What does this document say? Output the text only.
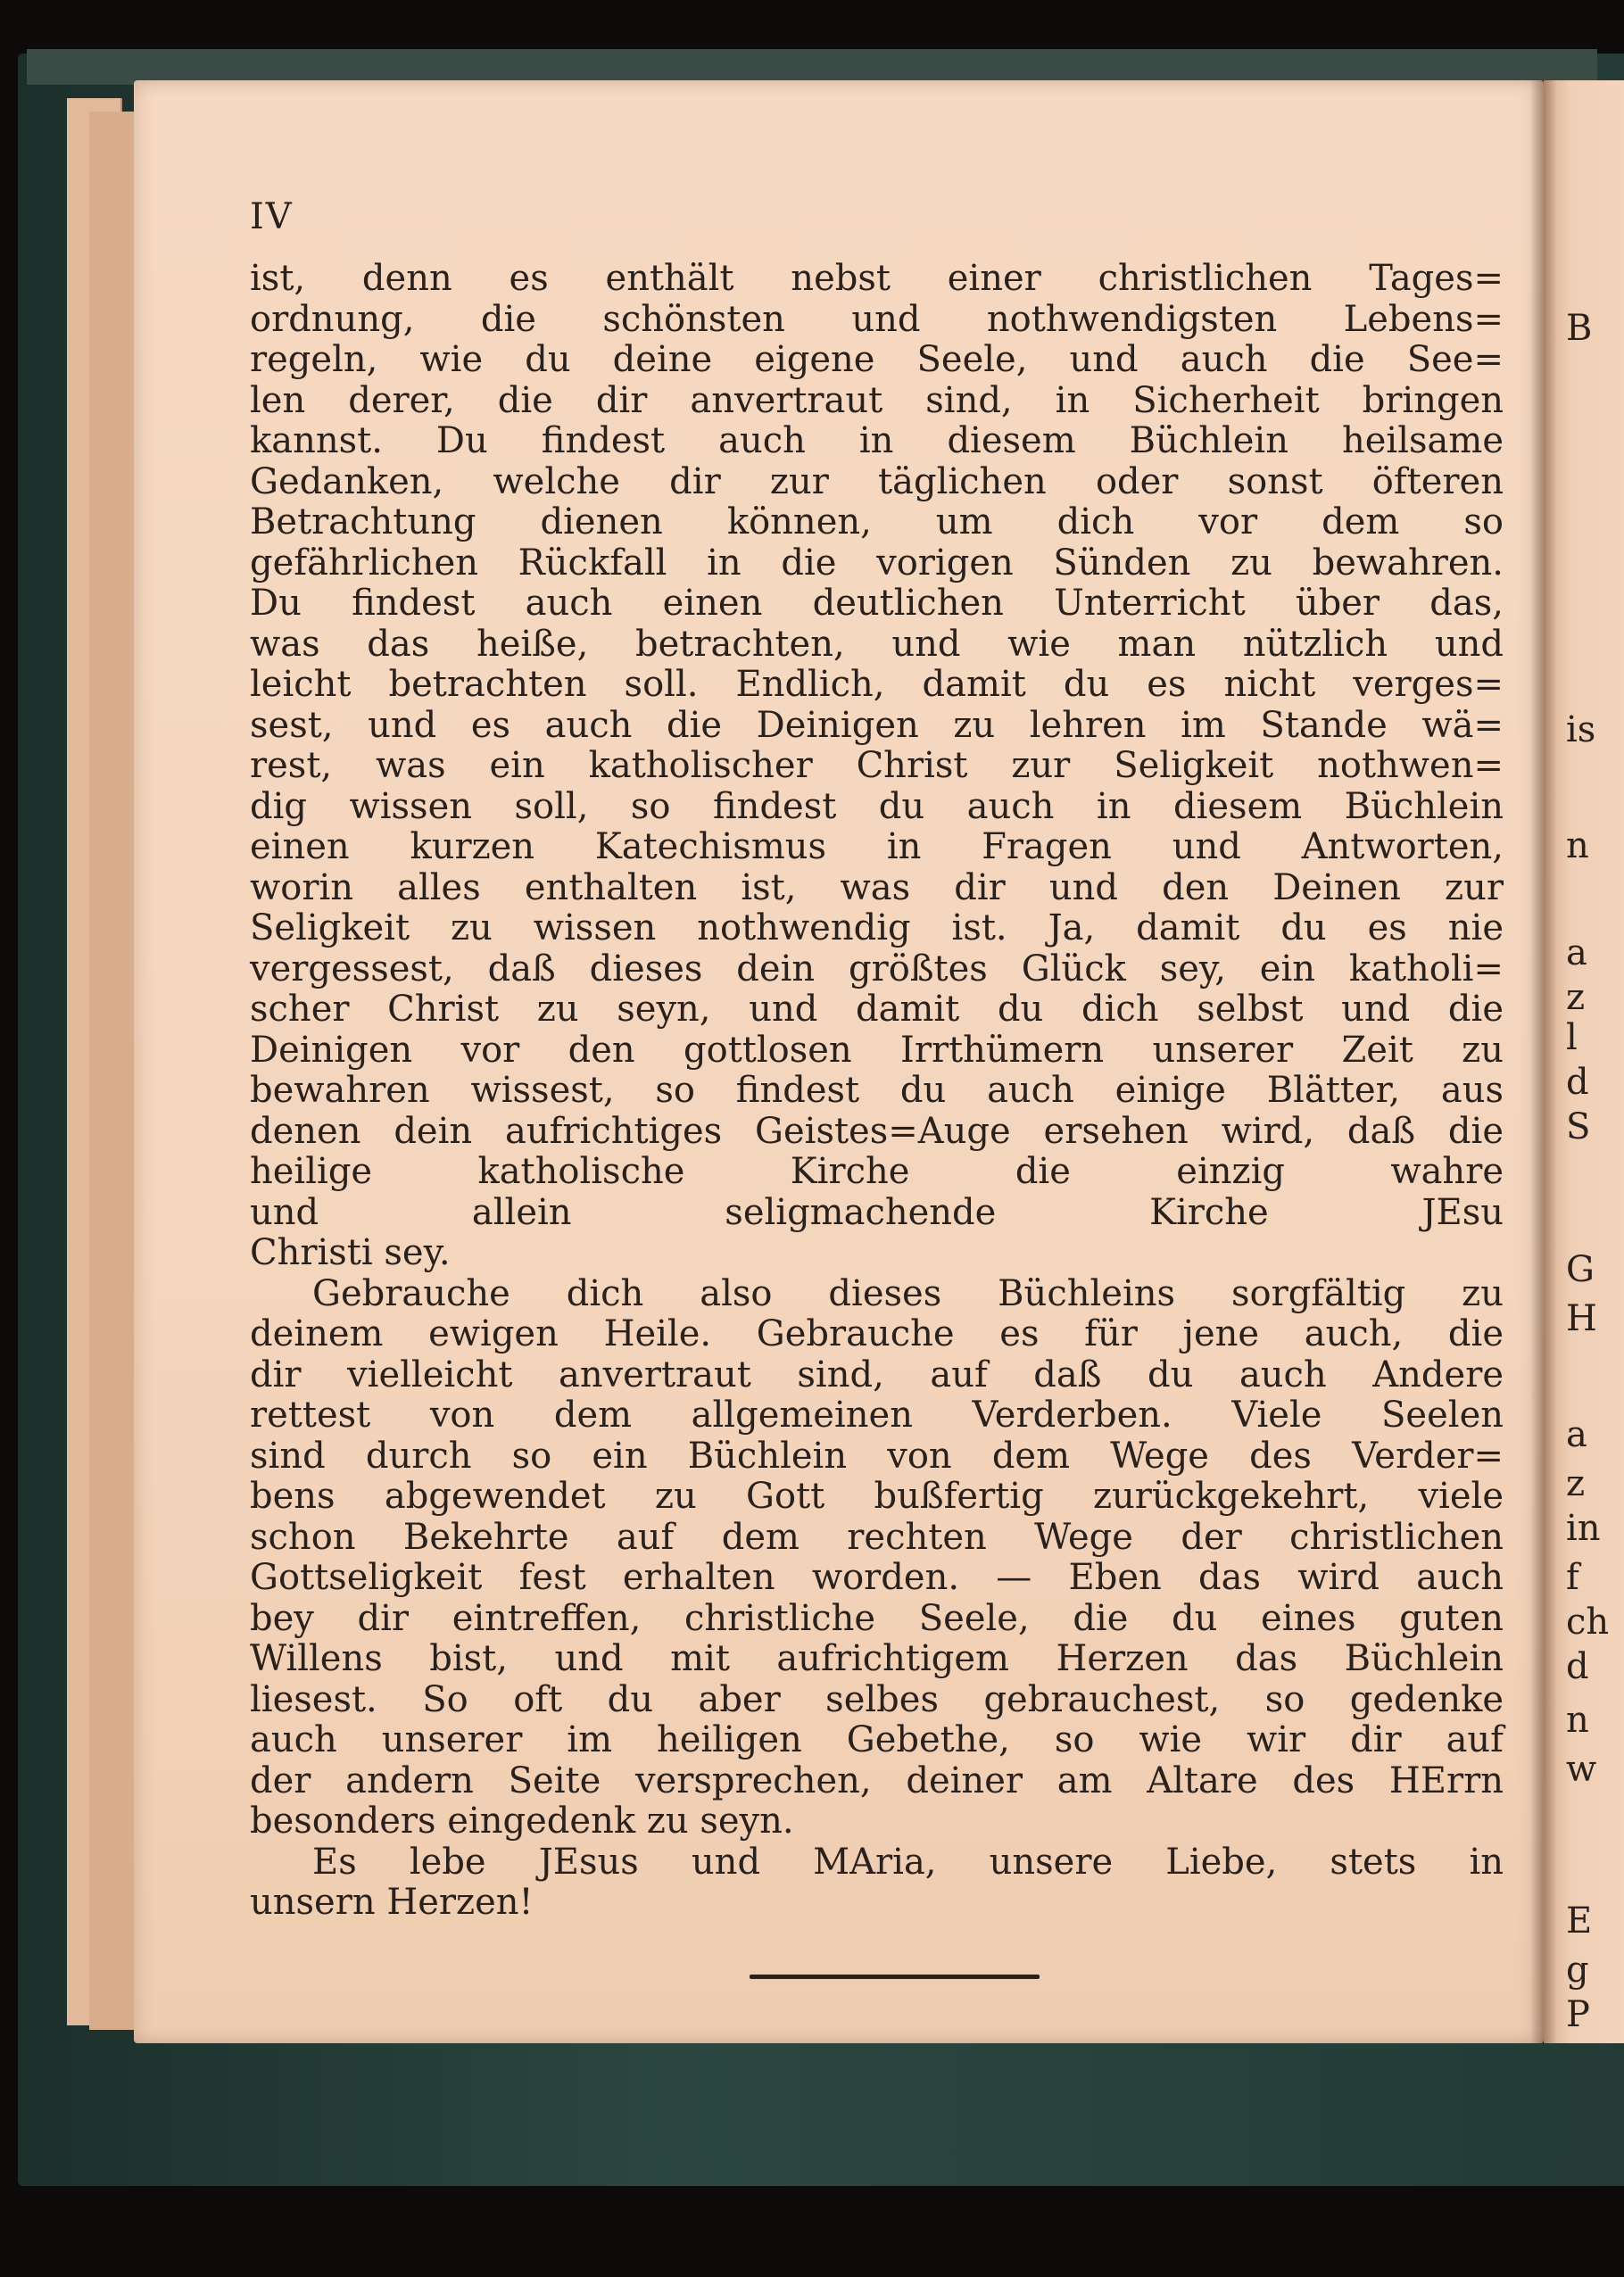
B
is
n
a
z
l
d
S
G
H
a
z
in
f
ch
d
n
w
E
g
P
IV
ist, denn es enthält nebst einer christlichen Tages=
ordnung, die schönsten und nothwendigsten Lebens=
regeln, wie du deine eigene Seele, und auch die See=
len derer, die dir anvertraut sind, in Sicherheit bringen
kannst. Du findest auch in diesem Büchlein heilsame
Gedanken, welche dir zur täglichen oder sonst öfteren
Betrachtung dienen können, um dich vor dem so
gefährlichen Rückfall in die vorigen Sünden zu bewahren.
Du findest auch einen deutlichen Unterricht über das,
was das heiße, betrachten, und wie man nützlich und
leicht betrachten soll. Endlich, damit du es nicht verges=
sest, und es auch die Deinigen zu lehren im Stande wä=
rest, was ein katholischer Christ zur Seligkeit nothwen=
dig wissen soll, so findest du auch in diesem Büchlein
einen kurzen Katechismus in Fragen und Antworten,
worin alles enthalten ist, was dir und den Deinen zur
Seligkeit zu wissen nothwendig ist. Ja, damit du es nie
vergessest, daß dieses dein größtes Glück sey, ein katholi=
scher Christ zu seyn, und damit du dich selbst und die
Deinigen vor den gottlosen Irrthümern unserer Zeit zu
bewahren wissest, so findest du auch einige Blätter, aus
denen dein aufrichtiges Geistes=Auge ersehen wird, daß die
heilige katholische Kirche die einzig wahre
und allein seligmachende Kirche JEsu
Christi sey.
Gebrauche dich also dieses Büchleins sorgfältig zu
deinem ewigen Heile. Gebrauche es für jene auch, die
dir vielleicht anvertraut sind, auf daß du auch Andere
rettest von dem allgemeinen Verderben. Viele Seelen
sind durch so ein Büchlein von dem Wege des Verder=
bens abgewendet zu Gott bußfertig zurückgekehrt, viele
schon Bekehrte auf dem rechten Wege der christlichen
Gottseligkeit fest erhalten worden. — Eben das wird auch
bey dir eintreffen, christliche Seele, die du eines guten
Willens bist, und mit aufrichtigem Herzen das Büchlein
liesest. So oft du aber selbes gebrauchest, so gedenke
auch unserer im heiligen Gebethe, so wie wir dir auf
der andern Seite versprechen, deiner am Altare des HErrn
besonders eingedenk zu seyn.
Es lebe JEsus und MAria, unsere Liebe, stets in
unsern Herzen!
